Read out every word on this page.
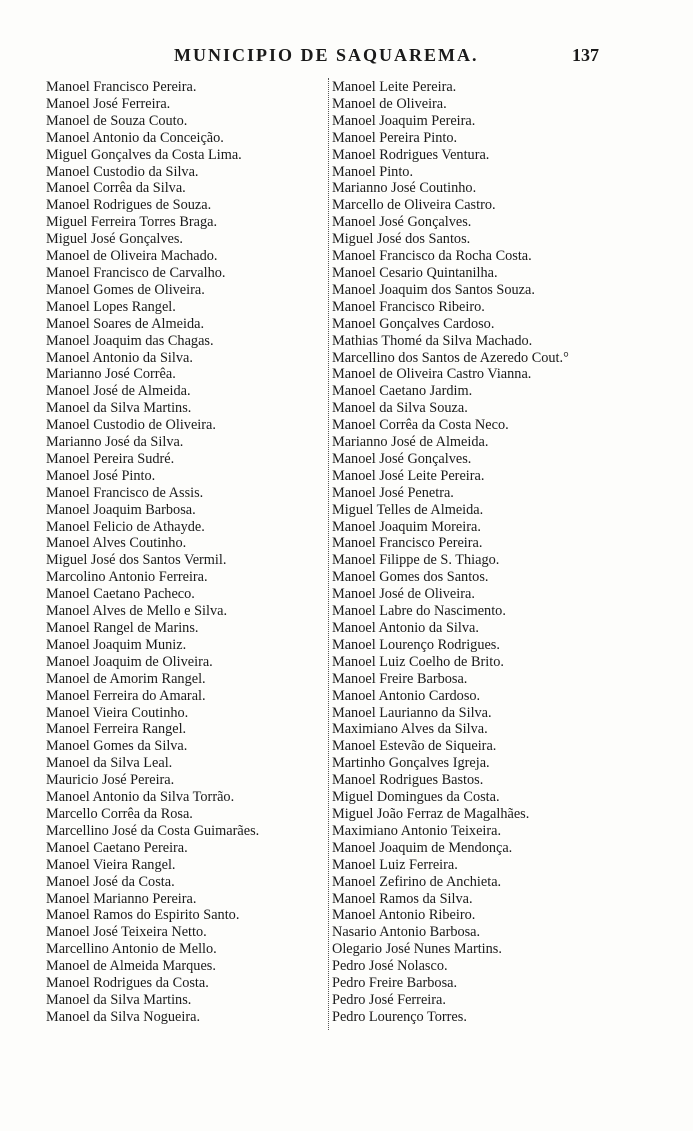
MUNICIPIO DE SAQUAREMA.	137
Manoel Francisco Pereira.
Manoel José Ferreira.
Manoel de Souza Couto.
Manoel Antonio da Conceição.
Miguel Gonçalves da Costa Lima.
Manoel Custodio da Silva.
Manoel Corrêa da Silva.
Manoel Rodrigues de Souza.
Miguel Ferreira Torres Braga.
Miguel José Gonçalves.
Manoel de Oliveira Machado.
Manoel Francisco de Carvalho.
Manoel Gomes de Oliveira.
Manoel Lopes Rangel.
Manoel Soares de Almeida.
Manoel Joaquim das Chagas.
Manoel Antonio da Silva.
Marianno José Corrêa.
Manoel José de Almeida.
Manoel da Silva Martins.
Manoel Custodio de Oliveira.
Marianno José da Silva.
Manoel Pereira Sudré.
Manoel José Pinto.
Manoel Francisco de Assis.
Manoel Joaquim Barbosa.
Manoel Felicio de Athayde.
Manoel Alves Coutinho.
Miguel José dos Santos Vermil.
Marcolino Antonio Ferreira.
Manoel Caetano Pacheco.
Manoel Alves de Mello e Silva.
Manoel Rangel de Marins.
Manoel Joaquim Muniz.
Manoel Joaquim de Oliveira.
Manoel de Amorim Rangel.
Manoel Ferreira do Amaral.
Manoel Vieira Coutinho.
Manoel Ferreira Rangel.
Manoel Gomes da Silva.
Manoel da Silva Leal.
Mauricio José Pereira.
Manoel Antonio da Silva Torrão.
Marcello Corrêa da Rosa.
Marcellino José da Costa Guimarães.
Manoel Caetano Pereira.
Manoel Vieira Rangel.
Manoel José da Costa.
Manoel Marianno Pereira.
Manoel Ramos do Espirito Santo.
Manoel José Teixeira Netto.
Marcellino Antonio de Mello.
Manoel de Almeida Marques.
Manoel Rodrigues da Costa.
Manoel da Silva Martins.
Manoel da Silva Nogueira.
Manoel Leite Pereira.
Manoel de Oliveira.
Manoel Joaquim Pereira.
Manoel Pereira Pinto.
Manoel Rodrigues Ventura.
Manoel Pinto.
Marianno José Coutinho.
Marcello de Oliveira Castro.
Manoel José Gonçalves.
Miguel José dos Santos.
Manoel Francisco da Rocha Costa.
Manoel Cesario Quintanilha.
Manoel Joaquim dos Santos Souza.
Manoel Francisco Ribeiro.
Manoel Gonçalves Cardoso.
Mathias Thomé da Silva Machado.
Marcellino dos Santos de Azeredo Cout.°
Manoel de Oliveira Castro Vianna.
Manoel Caetano Jardim.
Manoel da Silva Souza.
Manoel Corrêa da Costa Neco.
Marianno José de Almeida.
Manoel José Gonçalves.
Manoel José Leite Pereira.
Manoel José Penetra.
Miguel Telles de Almeida.
Manoel Joaquim Moreira.
Manoel Francisco Pereira.
Manoel Filippe de S. Thiago.
Manoel Gomes dos Santos.
Manoel José de Oliveira.
Manoel Labre do Nascimento.
Manoel Antonio da Silva.
Manoel Lourenço Rodrigues.
Manoel Luiz Coelho de Brito.
Manoel Freire Barbosa.
Manoel Antonio Cardoso.
Manoel Laurianno da Silva.
Maximiano Alves da Silva.
Manoel Estevão de Siqueira.
Martinho Gonçalves Igreja.
Manoel Rodrigues Bastos.
Miguel Domingues da Costa.
Miguel João Ferraz de Magalhães.
Maximiano Antonio Teixeira.
Manoel Joaquim de Mendonça.
Manoel Luiz Ferreira.
Manoel Zefirino de Anchieta.
Manoel Ramos da Silva.
Manoel Antonio Ribeiro.
Nasario Antonio Barbosa.
Olegario José Nunes Martins.
Pedro José Nolasco.
Pedro Freire Barbosa.
Pedro José Ferreira.
Pedro Lourenço Torres.
